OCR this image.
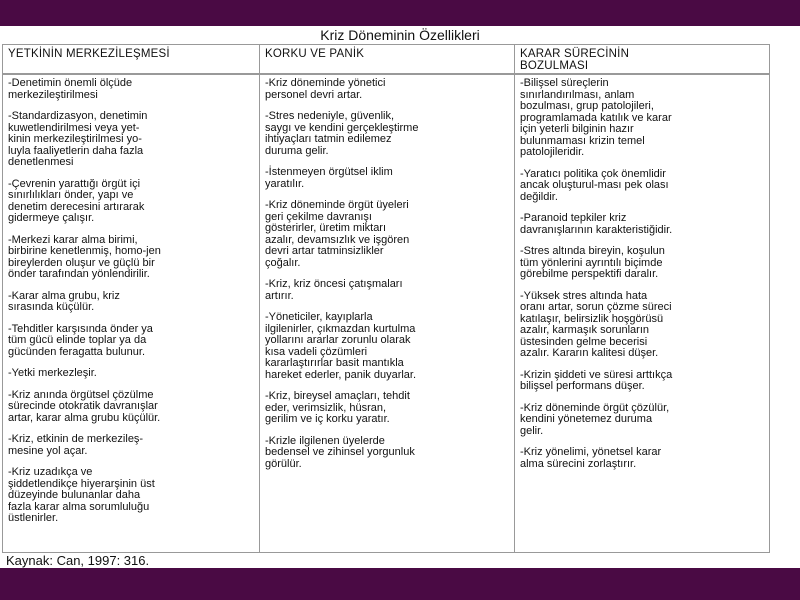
Kriz Döneminin Özellikleri
YETKİNİN MERKEZİLEŞMESİ
-Denetimin önemli ölçüde
merkezileştirilmesi
-Standardizasyon, denetimin
kuwetlendirilmesi veya yet-
kinin merkezileştirilmesi yo-
luyla faaliyetlerin daha fazla
denetlenmesi
-Çevrenin yarattığı örgüt içi
sınırlılıkları önder, yapı ve
denetim derecesini artırarak
gidermeye çalışır.
-Merkezi karar alma birimi,
birbirine kenetlenmiş, homo-jen
bireylerden oluşur ve güçlü bir
önder tarafından yönlendirilir.
-Karar alma grubu, kriz
sırasında küçülür.
-Tehditler karşısında önder ya
tüm gücü elinde toplar ya da
gücünden feragatta bulunur.
-Yetki merkezleşir.
-Kriz anında örgütsel çözülme
sürecinde otokratik davranışlar
artar, karar alma grubu küçülür.
-Kriz, etkinin de merkezileş-
mesine yol açar.
-Kriz uzadıkça ve
şiddetlendikçe hiyerarşinin üst
düzeyinde bulunanlar daha
fazla karar alma sorumluluğu
üstlenirler.
KORKU VE PANİK
-Kriz döneminde yönetici
personel devri artar.
-Stres nedeniyle, güvenlik,
saygı ve kendini gerçekleştirme
ihtiyaçları tatmin edilemez
duruma gelir.
-İstenmeyen örgütsel iklim
yaratılır.
-Kriz döneminde örgüt üyeleri
geri çekilme davranışı
gösterirler, üretim miktarı
azalır, devamsızlık ve işgören
devri artar tatminsizlikler
çoğalır.
-Kriz, kriz öncesi çatışmaları
artırır.
-Yöneticiler, kayıplarla
ilgilenirler, çıkmazdan kurtulma
yollarını ararlar zorunlu olarak
kısa vadeli çözümleri
kararlaştırırlar basit mantıkla
hareket ederler, panik duyarlar.
-Kriz, bireysel amaçları, tehdit
eder, verimsizlik, hüsran,
gerilim ve iç korku yaratır.
-Krizle ilgilenen üyelerde
bedensel ve zihinsel yorgunluk
görülür.
KARAR SÜRECİNİN
BOZULMASI
-Bilişsel süreçlerin
sınırlandırılması, anlam
bozulması, grup patolojileri,
programlamada katılık ve karar
için yeterli bilginin hazır
bulunmaması krizin temel
patolojileridir.
-Yaratıcı politika çok önemlidir
ancak oluşturul-ması pek olası
değildir.
-Paranoid tepkiler kriz
davranışlarının karakteristiğidir.
-Stres altında bireyin, koşulun
tüm yönlerini ayrıntılı biçimde
görebilme perspektifi daralır.
-Yüksek stres altında hata
oranı artar, sorun çözme süreci
katılaşır, belirsizlik hoşgörüsü
azalır, karmaşık sorunların
üstesinden gelme becerisi
azalır. Kararın kalitesi düşer.
-Krizin şiddeti ve süresi arttıkça
bilişsel performans düşer.
-Kriz döneminde örgüt çözülür,
kendini yönetemez duruma
gelir.
-Kriz yönelimi, yönetsel karar
alma sürecini zorlaştırır.
Kaynak: Can, 1997: 316.
